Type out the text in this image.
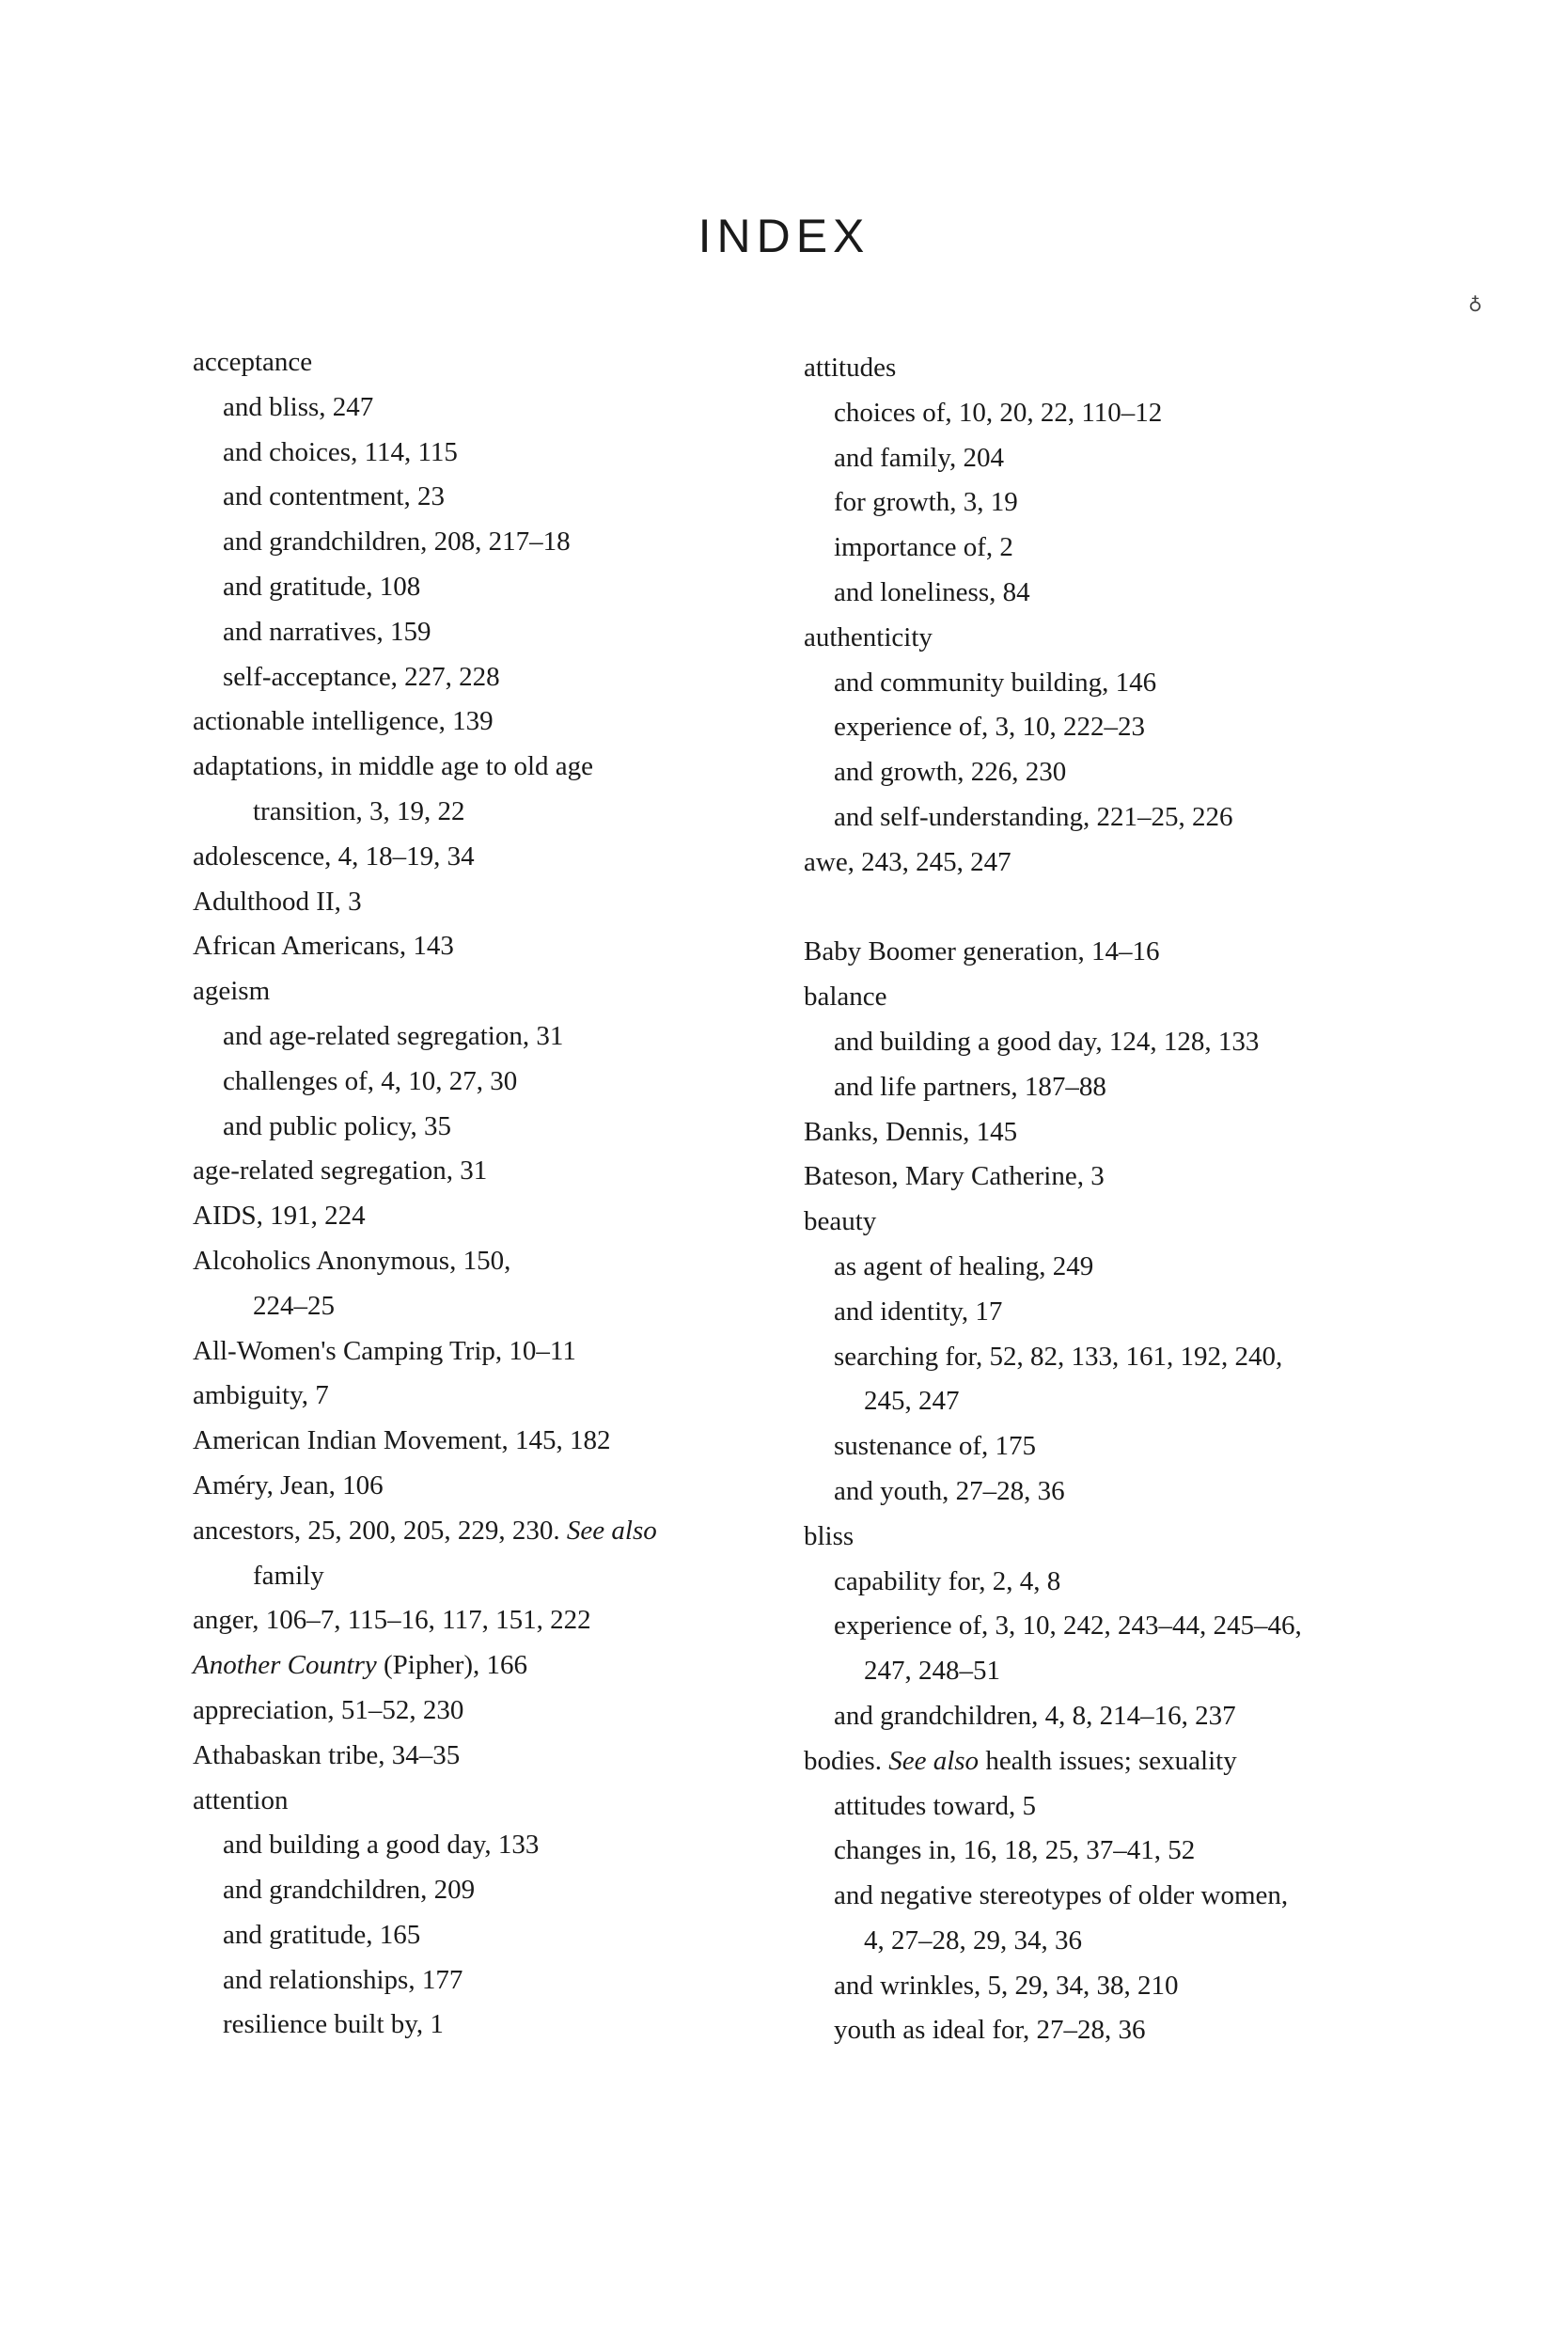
INDEX
♁
acceptance
and bliss, 247
and choices, 114, 115
and contentment, 23
and grandchildren, 208, 217–18
and gratitude, 108
and narratives, 159
self-acceptance, 227, 228
actionable intelligence, 139
adaptations, in middle age to old age
transition, 3, 19, 22
adolescence, 4, 18–19, 34
Adulthood II, 3
African Americans, 143
ageism
and age-related segregation, 31
challenges of, 4, 10, 27, 30
and public policy, 35
age-related segregation, 31
AIDS, 191, 224
Alcoholics Anonymous, 150,
224–25
All-Women's Camping Trip, 10–11
ambiguity, 7
American Indian Movement, 145, 182
Améry, Jean, 106
ancestors, 25, 200, 205, 229, 230. See also
family
anger, 106–7, 115–16, 117, 151, 222
Another Country (Pipher), 166
appreciation, 51–52, 230
Athabaskan tribe, 34–35
attention
and building a good day, 133
and grandchildren, 209
and gratitude, 165
and relationships, 177
resilience built by, 1
attitudes
choices of, 10, 20, 22, 110–12
and family, 204
for growth, 3, 19
importance of, 2
and loneliness, 84
authenticity
and community building, 146
experience of, 3, 10, 222–23
and growth, 226, 230
and self-understanding, 221–25, 226
awe, 243, 245, 247
Baby Boomer generation, 14–16
balance
and building a good day, 124, 128, 133
and life partners, 187–88
Banks, Dennis, 145
Bateson, Mary Catherine, 3
beauty
as agent of healing, 249
and identity, 17
searching for, 52, 82, 133, 161, 192, 240,
245, 247
sustenance of, 175
and youth, 27–28, 36
bliss
capability for, 2, 4, 8
experience of, 3, 10, 242, 243–44, 245–46,
247, 248–51
and grandchildren, 4, 8, 214–16, 237
bodies. See also health issues; sexuality
attitudes toward, 5
changes in, 16, 18, 25, 37–41, 52
and negative stereotypes of older women,
4, 27–28, 29, 34, 36
and wrinkles, 5, 29, 34, 38, 210
youth as ideal for, 27–28, 36
